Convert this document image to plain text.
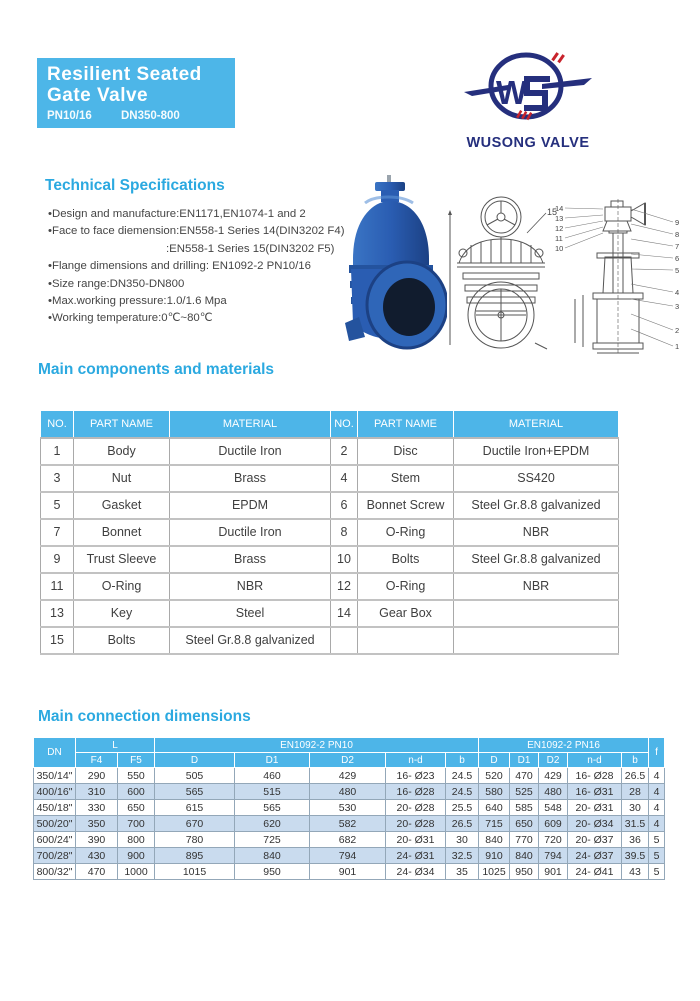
Resilient Seated
Gate Valve
PN10/16	DN350-800
W
WUSONG VALVE
Technical Specifications
•Design and manufacture:EN1171,EN1074-1 and 2
•Face to face diemension:EN558-1 Series 14(DIN3202 F4)
:EN558-1 Series 15(DIN3202 F5)
•Flange dimensions and drilling: EN1092-2 PN10/16
•Size range:DN350-DN800
•Max.working pressure:1.0/1.6 Mpa
•Working temperature:0℃~80℃
15
14
13
12
11
10
9
8
7
6
5
4
3
2
1
Main components and materials
NO.	PART NAME	MATERIAL	NO.	PART NAME	MATERIAL
1	Body	Ductile Iron	2	Disc	Ductile Iron+EPDM
3	Nut	Brass	4	Stem	SS420
5	Gasket	EPDM	6	Bonnet Screw	Steel Gr.8.8 galvanized
7	Bonnet	Ductile Iron	8	O-Ring	NBR
9	Trust Sleeve	Brass	10	Bolts	Steel Gr.8.8 galvanized
11	O-Ring	NBR	12	O-Ring	NBR
13	Key	Steel	14	Gear Box	
15	Bolts	Steel Gr.8.8 galvanized			
Main connection dimensions
DN	L		EN1092-2 PN10					EN1092-2 PN16					f
	F4	F5	D	D1	D2	n-d	b	D	D1	D2	n-d	b	
350/14"	290	550	505	460	429	16- Ø23	24.5	520	470	429	16- Ø28	26.5	4
400/16"	310	600	565	515	480	16- Ø28	24.5	580	525	480	16- Ø31	28	4
450/18"	330	650	615	565	530	20- Ø28	25.5	640	585	548	20- Ø31	30	4
500/20"	350	700	670	620	582	20- Ø28	26.5	715	650	609	20- Ø34	31.5	4
600/24"	390	800	780	725	682	20- Ø31	30	840	770	720	20- Ø37	36	5
700/28"	430	900	895	840	794	24- Ø31	32.5	910	840	794	24- Ø37	39.5	5
800/32"	470	1000	1015	950	901	24- Ø34	35	1025	950	901	24- Ø41	43	5
